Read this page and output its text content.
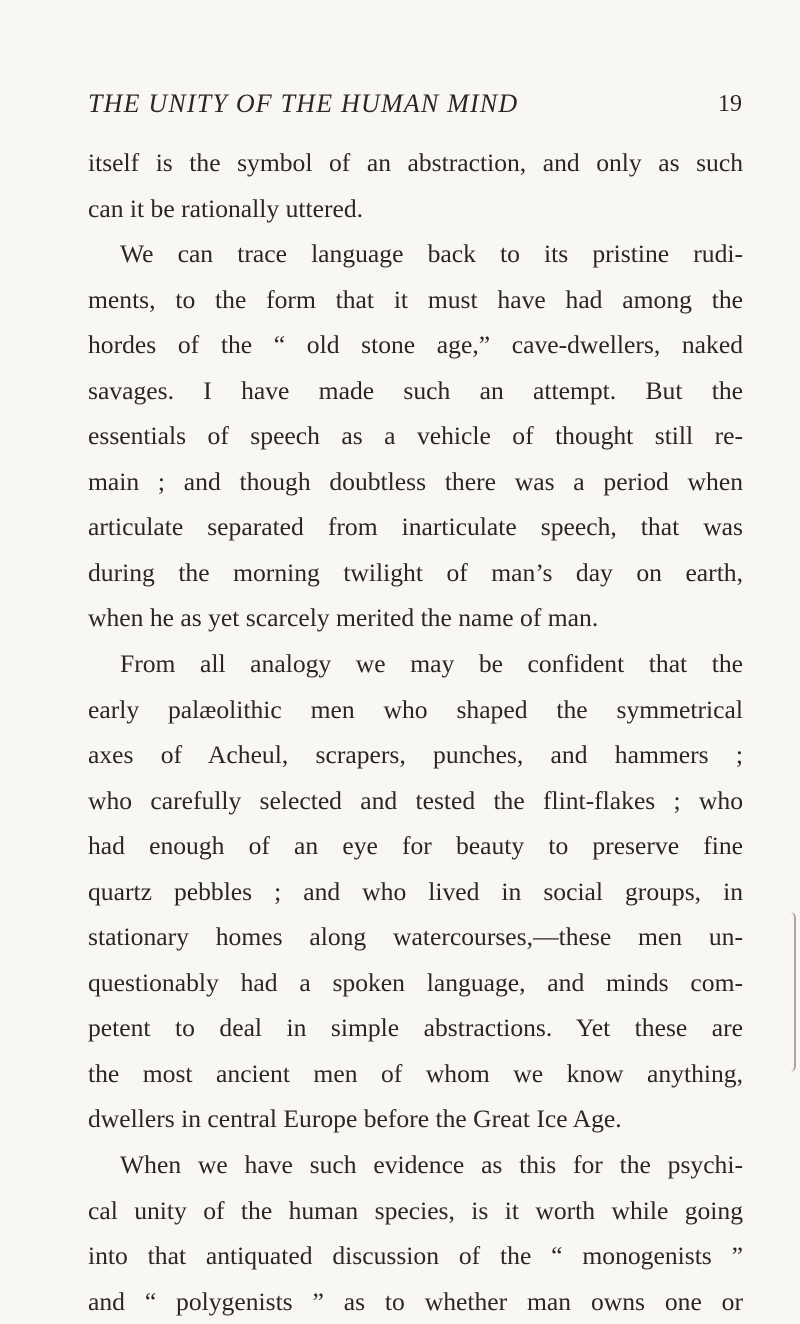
THE UNITY OF THE HUMAN MIND	19
itself is the symbol of an abstraction, and only as such
can it be rationally uttered.
We can trace language back to its pristine rudi-
ments, to the form that it must have had among the
hordes of the “ old stone age,” cave-dwellers, naked
savages. I have made such an attempt. But the
essentials of speech as a vehicle of thought still re-
main ; and though doubtless there was a period when
articulate separated from inarticulate speech, that was
during the morning twilight of man’s day on earth,
when he as yet scarcely merited the name of man.
From all analogy we may be confident that the
early palæolithic men who shaped the symmetrical
axes of Acheul, scrapers, punches, and hammers ;
who carefully selected and tested the flint-flakes ; who
had enough of an eye for beauty to preserve fine
quartz pebbles ; and who lived in social groups, in
stationary homes along watercourses,—these men un-
questionably had a spoken language, and minds com-
petent to deal in simple abstractions. Yet these are
the most ancient men of whom we know anything,
dwellers in central Europe before the Great Ice Age.
When we have such evidence as this for the psychi-
cal unity of the human species, is it worth while going
into that antiquated discussion of the “ monogenists ”
and “ polygenists ” as to whether man owns one or
